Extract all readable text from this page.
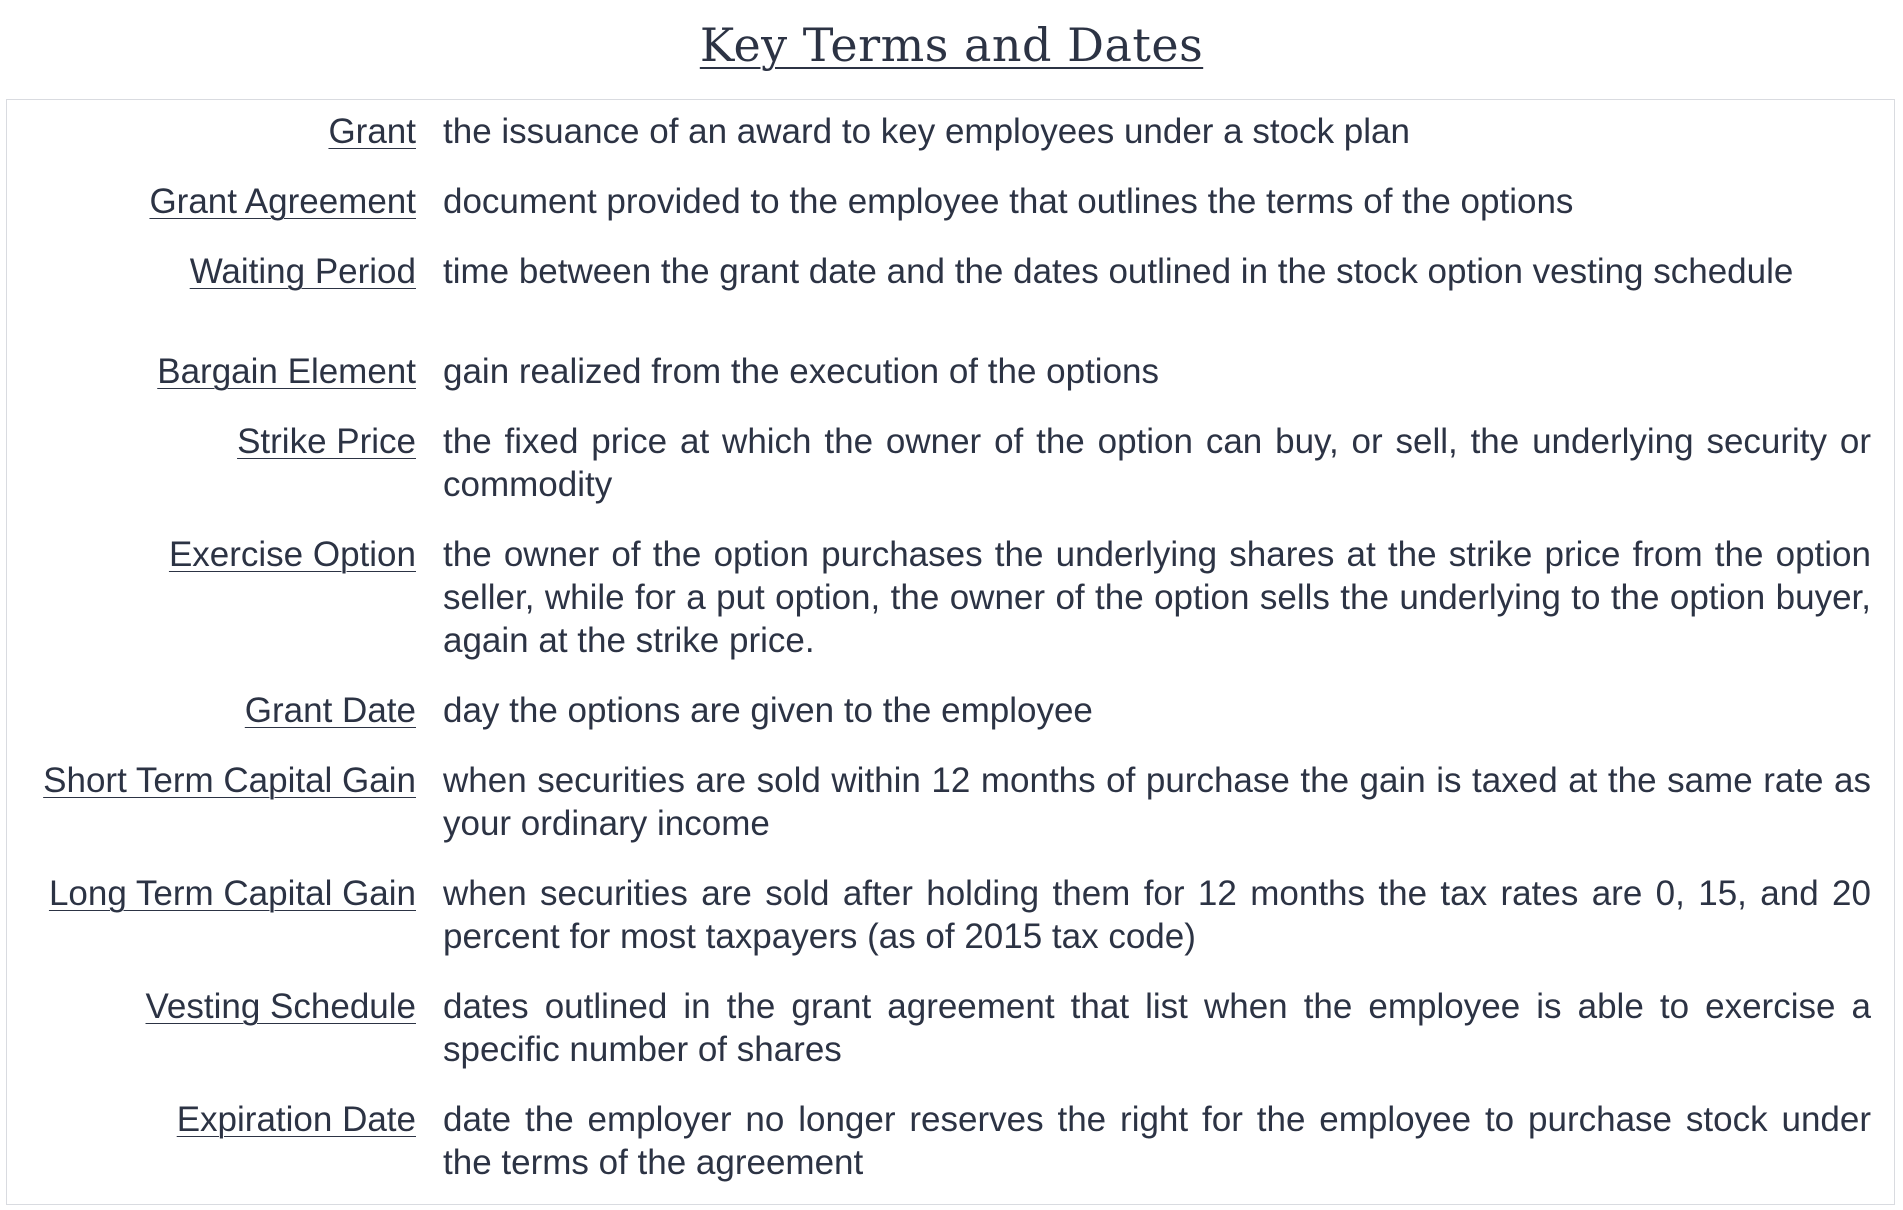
Key Terms and Dates
Grant the issuance of an award to key employees under a stock plan
Grant Agreement document provided to the employee that outlines the terms of the options
Waiting Period time between the grant date and the dates outlined in the stock option vesting schedule
Bargain Element gain realized from the execution of the options
Strike Price the fixed price at which the owner of the option can buy, or sell, the underlying security or commodity
Exercise Option the owner of the option purchases the underlying shares at the strike price from the option seller, while for a put option, the owner of the option sells the underlying to the option buyer, again at the strike price.
Grant Date day the options are given to the employee
Short Term Capital Gain when securities are sold within 12 months of purchase the gain is taxed at the same rate as your ordinary income
Long Term Capital Gain when securities are sold after holding them for 12 months the tax rates are 0, 15, and 20 percent for most taxpayers (as of 2015 tax code)
Vesting Schedule dates outlined in the grant agreement that list when the employee is able to exercise a specific number of shares
Expiration Date date the employer no longer reserves the right for the employee to purchase stock under the terms of the agreement
